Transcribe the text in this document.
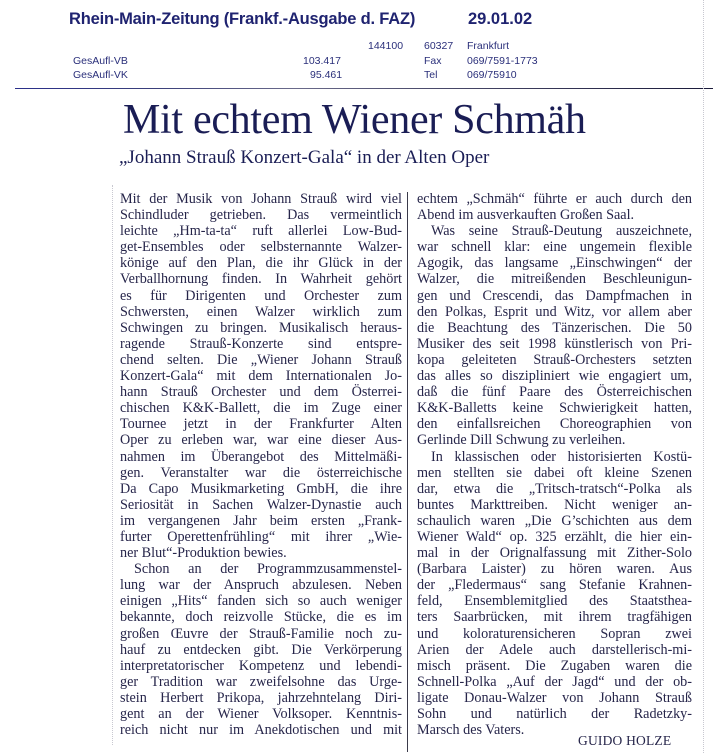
Rhein-Main-Zeitung (Frankf.-Ausgabe d. FAZ)	29.01.02
144100 60327 Frankfurt
GesAufl-VB	103.417	Fax 069/7591-1773
GesAufl-VK	95.461	Tel	069/75910
Mit echtem Wiener Schmäh
„Johann Strauß Konzert-Gala“ in der Alten Oper
Mit der Musik von Johann Strauß wird viel
Schindluder getrieben. Das vermeintlich
leichte „Hm-ta-ta“ ruft allerlei Low-Bud-
get-Ensembles oder selbsternannte Walzer-
könige auf den Plan, die ihr Glück in der
Verballhornung finden. In Wahrheit gehört
es für Dirigenten und Orchester zum
Schwersten, einen Walzer wirklich zum
Schwingen zu bringen. Musikalisch heraus-
ragende Strauß-Konzerte sind entspre-
chend selten. Die „Wiener Johann Strauß
Konzert-Gala“ mit dem Internationalen Jo-
hann Strauß Orchester und dem Österrei-
chischen K&K-Ballett, die im Zuge einer
Tournee jetzt in der Frankfurter Alten
Oper zu erleben war, war eine dieser Aus-
nahmen im Überangebot des Mittelmäßi-
gen. Veranstalter war die österreichische
Da Capo Musikmarketing GmbH, die ihre
Seriosität in Sachen Walzer-Dynastie auch
im vergangenen Jahr beim ersten „Frank-
furter Operettenfrühling“ mit ihrer „Wie-
ner Blut“-Produktion bewies.
Schon an der Programmzusammenstel-
lung war der Anspruch abzulesen. Neben
einigen „Hits“ fanden sich so auch weniger
bekannte, doch reizvolle Stücke, die es im
großen Œuvre der Strauß-Familie noch zu-
hauf zu entdecken gibt. Die Verkörperung
interpretatorischer Kompetenz und lebendi-
ger Tradition war zweifelsohne das Urge-
stein Herbert Prikopa, jahrzehntelang Diri-
gent an der Wiener Volksoper. Kenntnis-
reich nicht nur im Anekdotischen und mit
echtem „Schmäh“ führte er auch durch den
Abend im ausverkauften Großen Saal.
Was seine Strauß-Deutung auszeichnete,
war schnell klar: eine ungemein flexible
Agogik, das langsame „Einschwingen“ der
Walzer, die mitreißenden Beschleunigun-
gen und Crescendi, das Dampfmachen in
den Polkas, Esprit und Witz, vor allem aber
die Beachtung des Tänzerischen. Die 50
Musiker des seit 1998 künstlerisch von Pri-
kopa geleiteten Strauß-Orchesters setzten
das alles so diszipliniert wie engagiert um,
daß die fünf Paare des Österreichischen
K&K-Balletts keine Schwierigkeit hatten,
den einfallsreichen Choreographien von
Gerlinde Dill Schwung zu verleihen.
In klassischen oder historisierten Kostü-
men stellten sie dabei oft kleine Szenen
dar, etwa die „Tritsch-tratsch“-Polka als
buntes Markttreiben. Nicht weniger an-
schaulich waren „Die G’schichten aus dem
Wiener Wald“ op. 325 erzählt, die hier ein-
mal in der Orignalfassung mit Zither-Solo
(Barbara Laister) zu hören waren. Aus
der „Fledermaus“ sang Stefanie Krahnen-
feld, Ensemblemitglied des Staatsthea-
ters Saarbrücken, mit ihrem tragfähigen
und koloraturensicheren Sopran zwei
Arien der Adele auch darstellerisch-mi-
misch präsent. Die Zugaben waren die
Schnell-Polka „Auf der Jagd“ und der ob-
ligate Donau-Walzer von Johann Strauß
Sohn und natürlich der Radetzky-
Marsch des Vaters.
GUIDO HOLZE
